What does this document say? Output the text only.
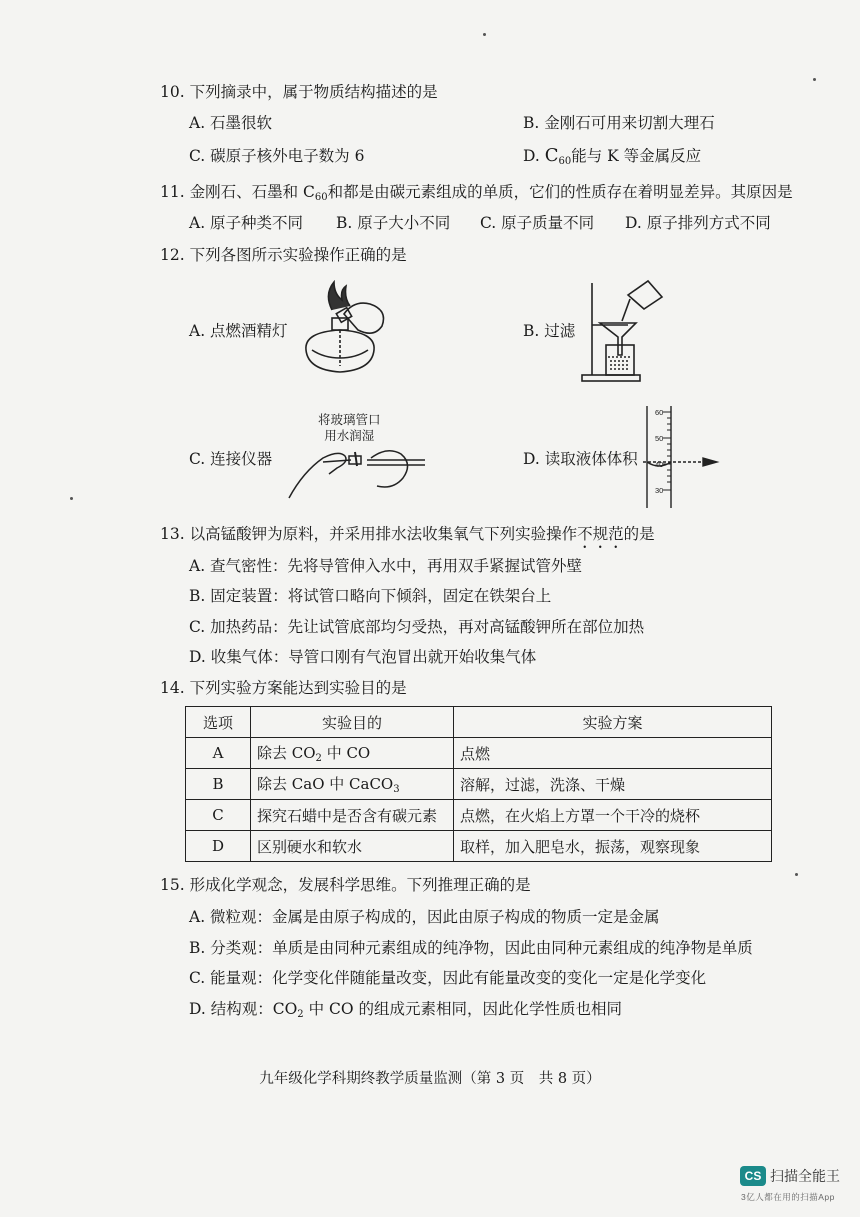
10. 下列摘录中，属于物质结构描述的是
A. 石墨很软	B. 金刚石可用来切割大理石
C. 碳原子核外电子数为 6	D. $C_{60}$能与 K 等金属反应
11. 金刚石、石墨和 $C_{60}$和都是由碳元素组成的单质，它们的性质存在着明显差异。其原因是
A. 原子种类不同 B. 原子大小不同 C. 原子质量不同 D. 原子排列方式不同
12. 下列各图所示实验操作正确的是
A. 点燃酒精灯	B. 过滤
C. 连接仪器
将玻璃管口
用水润湿
D. 读取液体体积
60
50
40
30
13. 以高锰酸钾为原料，并采用排水法收集氧气下列实验操作不规范的是
A. 查气密性：先将导管伸入水中，再用双手紧握试管外壁
B. 固定装置：将试管口略向下倾斜，固定在铁架台上
C. 加热药品：先让试管底部均匀受热，再对高锰酸钾所在部位加热
D. 收集气体：导管口刚有气泡冒出就开始收集气体
14. 下列实验方案能达到实验目的是
选项	实验目的	实验方案
A	除去 $CO_2$ 中 CO	点燃
B	除去 CaO 中 CaCO$_3$	溶解，过滤，洗涤、干燥
C	探究石蜡中是否含有碳元素	点燃，在火焰上方罩一个干冷的烧杯
D	区别硬水和软水	取样，加入肥皂水，振荡，观察现象
15. 形成化学观念，发展科学思维。下列推理正确的是
A. 微粒观：金属是由原子构成的，因此由原子构成的物质一定是金属
B. 分类观：单质是由同种元素组成的纯净物，因此由同种元素组成的纯净物是单质
C. 能量观：化学变化伴随能量改变，因此有能量改变的变化一定是化学变化
D. 结构观：$CO_2$ 中 CO 的组成元素相同，因此化学性质也相同
九年级化学科期终教学质量监测（第 3 页　共 8 页）
CS 扫描全能王
3亿人都在用的扫描App
